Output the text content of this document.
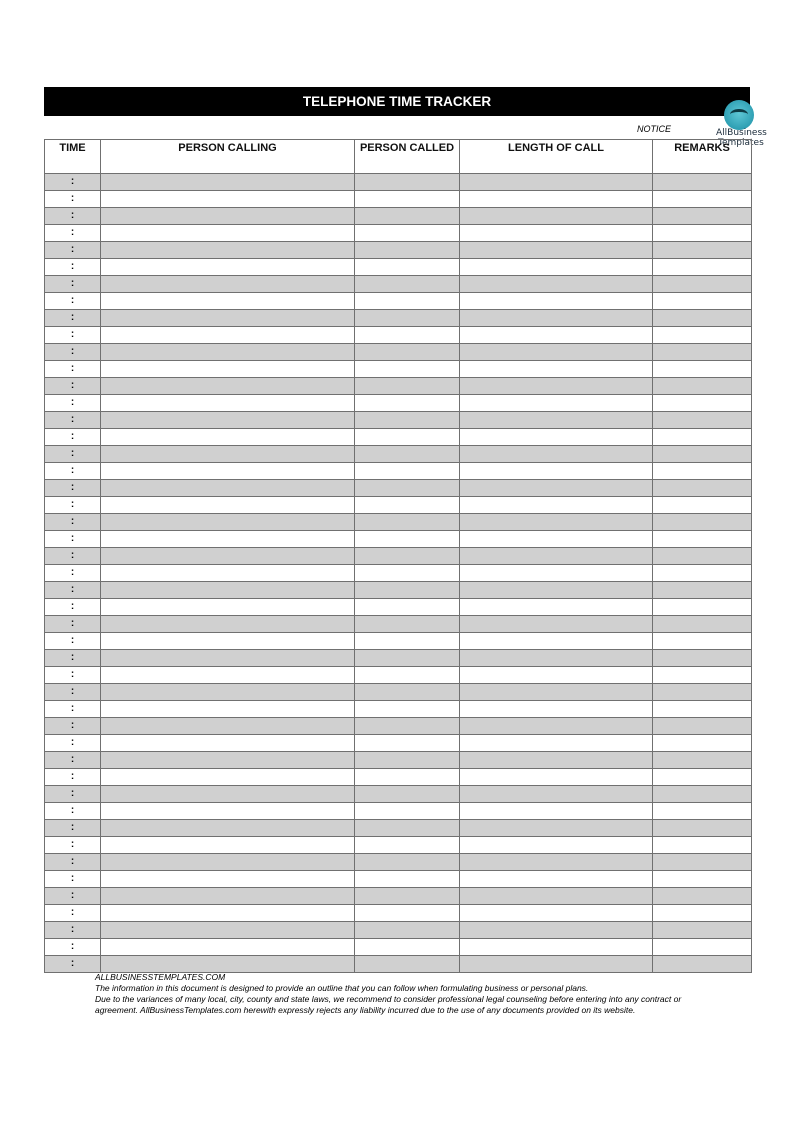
TELEPHONE TIME TRACKER
NOTICE	AllBusiness
Templates
TIME	PERSON CALLING	PERSON CALLED	LENGTH OF CALL	REMARKS
:				
:				
:				
:				
:				
:				
:				
:				
:				
:				
:				
:				
:				
:				
:				
:				
:				
:				
:				
:				
:				
:				
:				
:				
:				
:				
:				
:				
:				
:				
:				
:				
:				
:				
:				
:				
:				
:				
:				
:				
:				
:				
:				
:				
:				
:				
:				

ALLBUSINESSTEMPLATES.COM

The information in this document is designed to provide an outline that you can follow when formulating business or personal plans.

Due to the variances of many local, city, county and state laws, we recommend to consider professional legal counseling before entering into any contract or agreement. AllBusinessTemplates.com herewith expressly rejects any liability incurred due to the use of any documents provided on its website.
